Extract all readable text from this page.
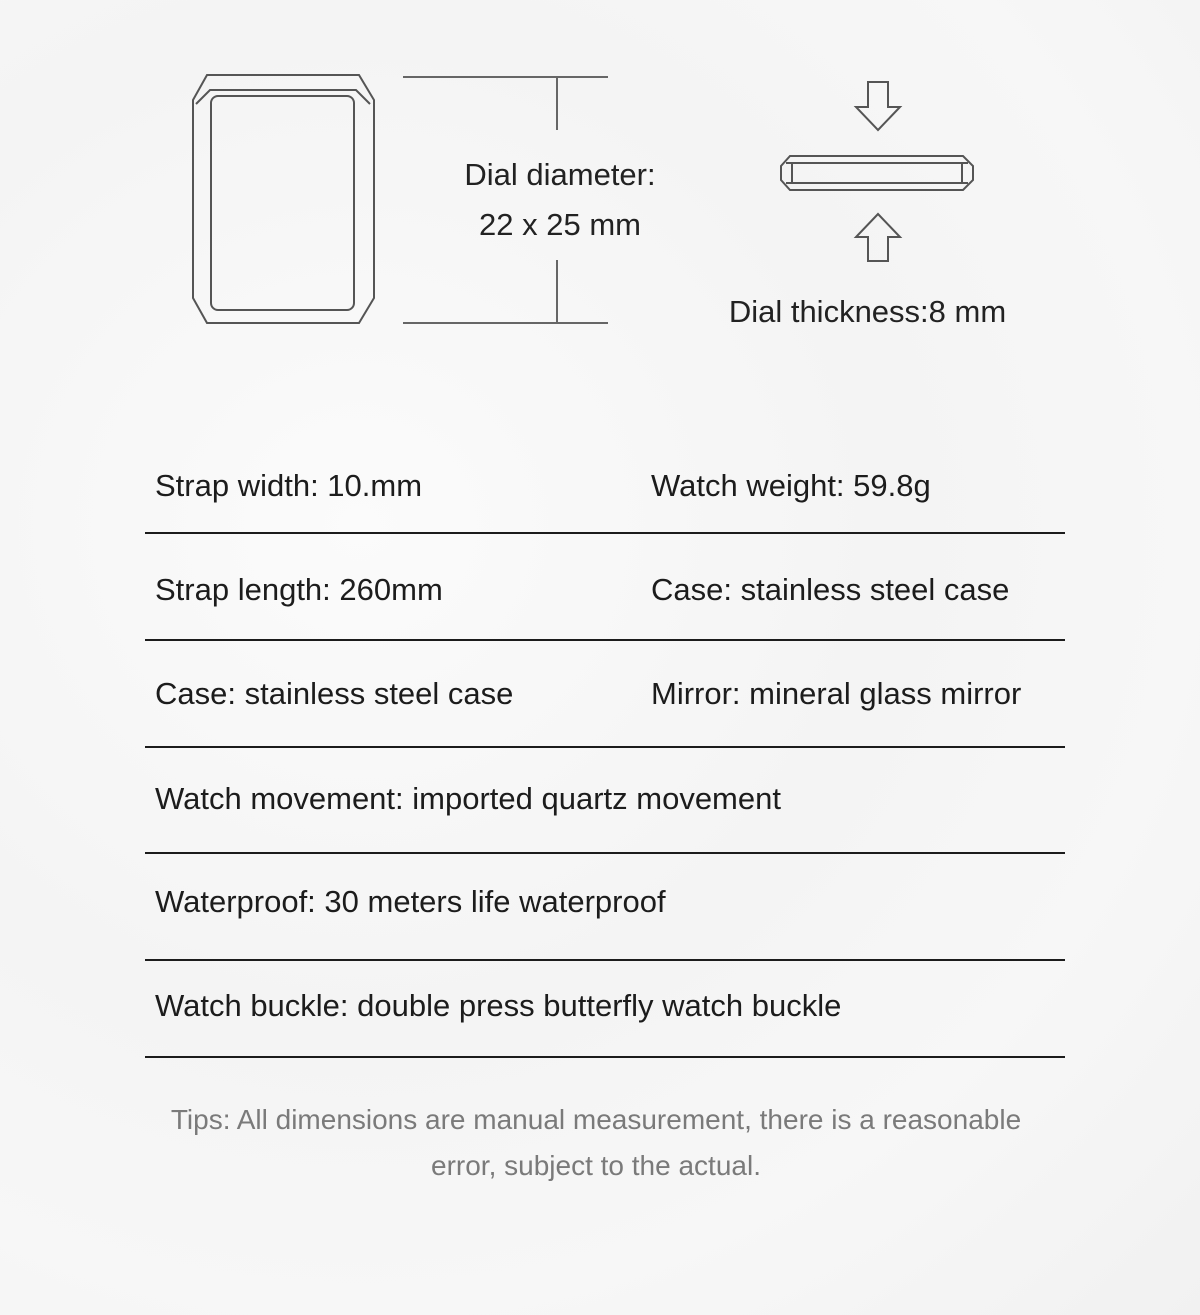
Dial diameter:
22 x 25 mm
Dial thickness:8 mm
Strap width: 10.mm	Watch weight: 59.8g
Strap length: 260mm	Case: stainless steel case
Case: stainless steel case	Mirror: mineral glass mirror
Watch movement: imported quartz movement
Waterproof: 30 meters life waterproof
Watch buckle: double press butterfly watch buckle
Tips: All dimensions are manual measurement, there is a reasonable
error, subject to the actual.
